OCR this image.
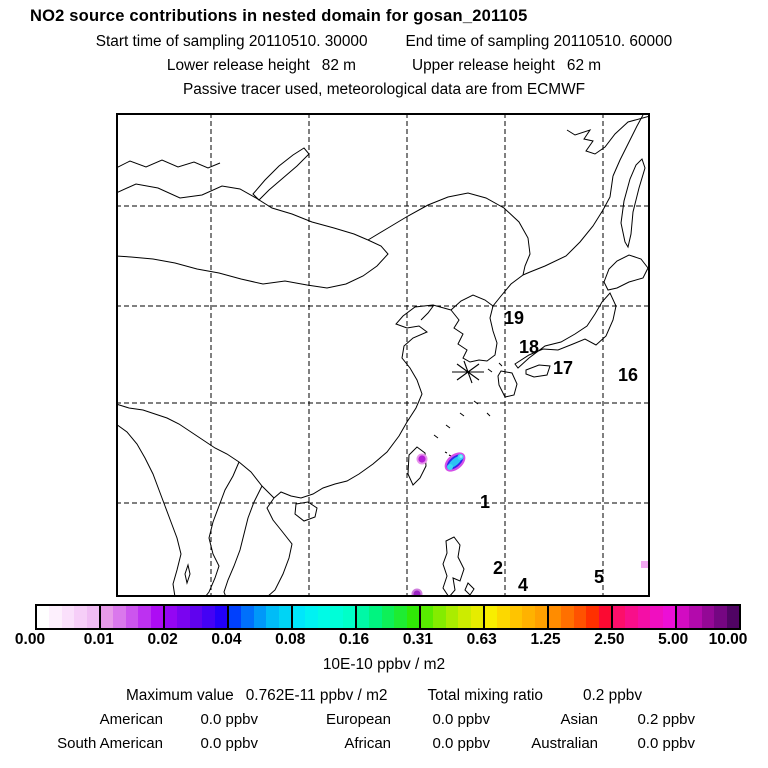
NO2 source contributions in nested domain for gosan_201105
Start time of sampling 20110510. 30000 End time of sampling 20110510. 60000
Lower release height 82 m	Upper release height 62 m
Passive tracer used, meteorological data are from ECMWF
19
18
17 16
1
2
4	5
0.00 0.01 0.02 0.04 0.08 0.16 0.31 0.63 1.25 2.50 5.00 10.00
10E-10 ppbv / m2
Maximum value 0.762E-11 ppbv / m2	Total mixing ratio	0.2 ppbv
American	0.0 ppbv	European	0.0 ppbv	Asian	0.2 ppbv
South American	0.0 ppbv	African	0.0 ppbv	Australian	0.0 ppbv
